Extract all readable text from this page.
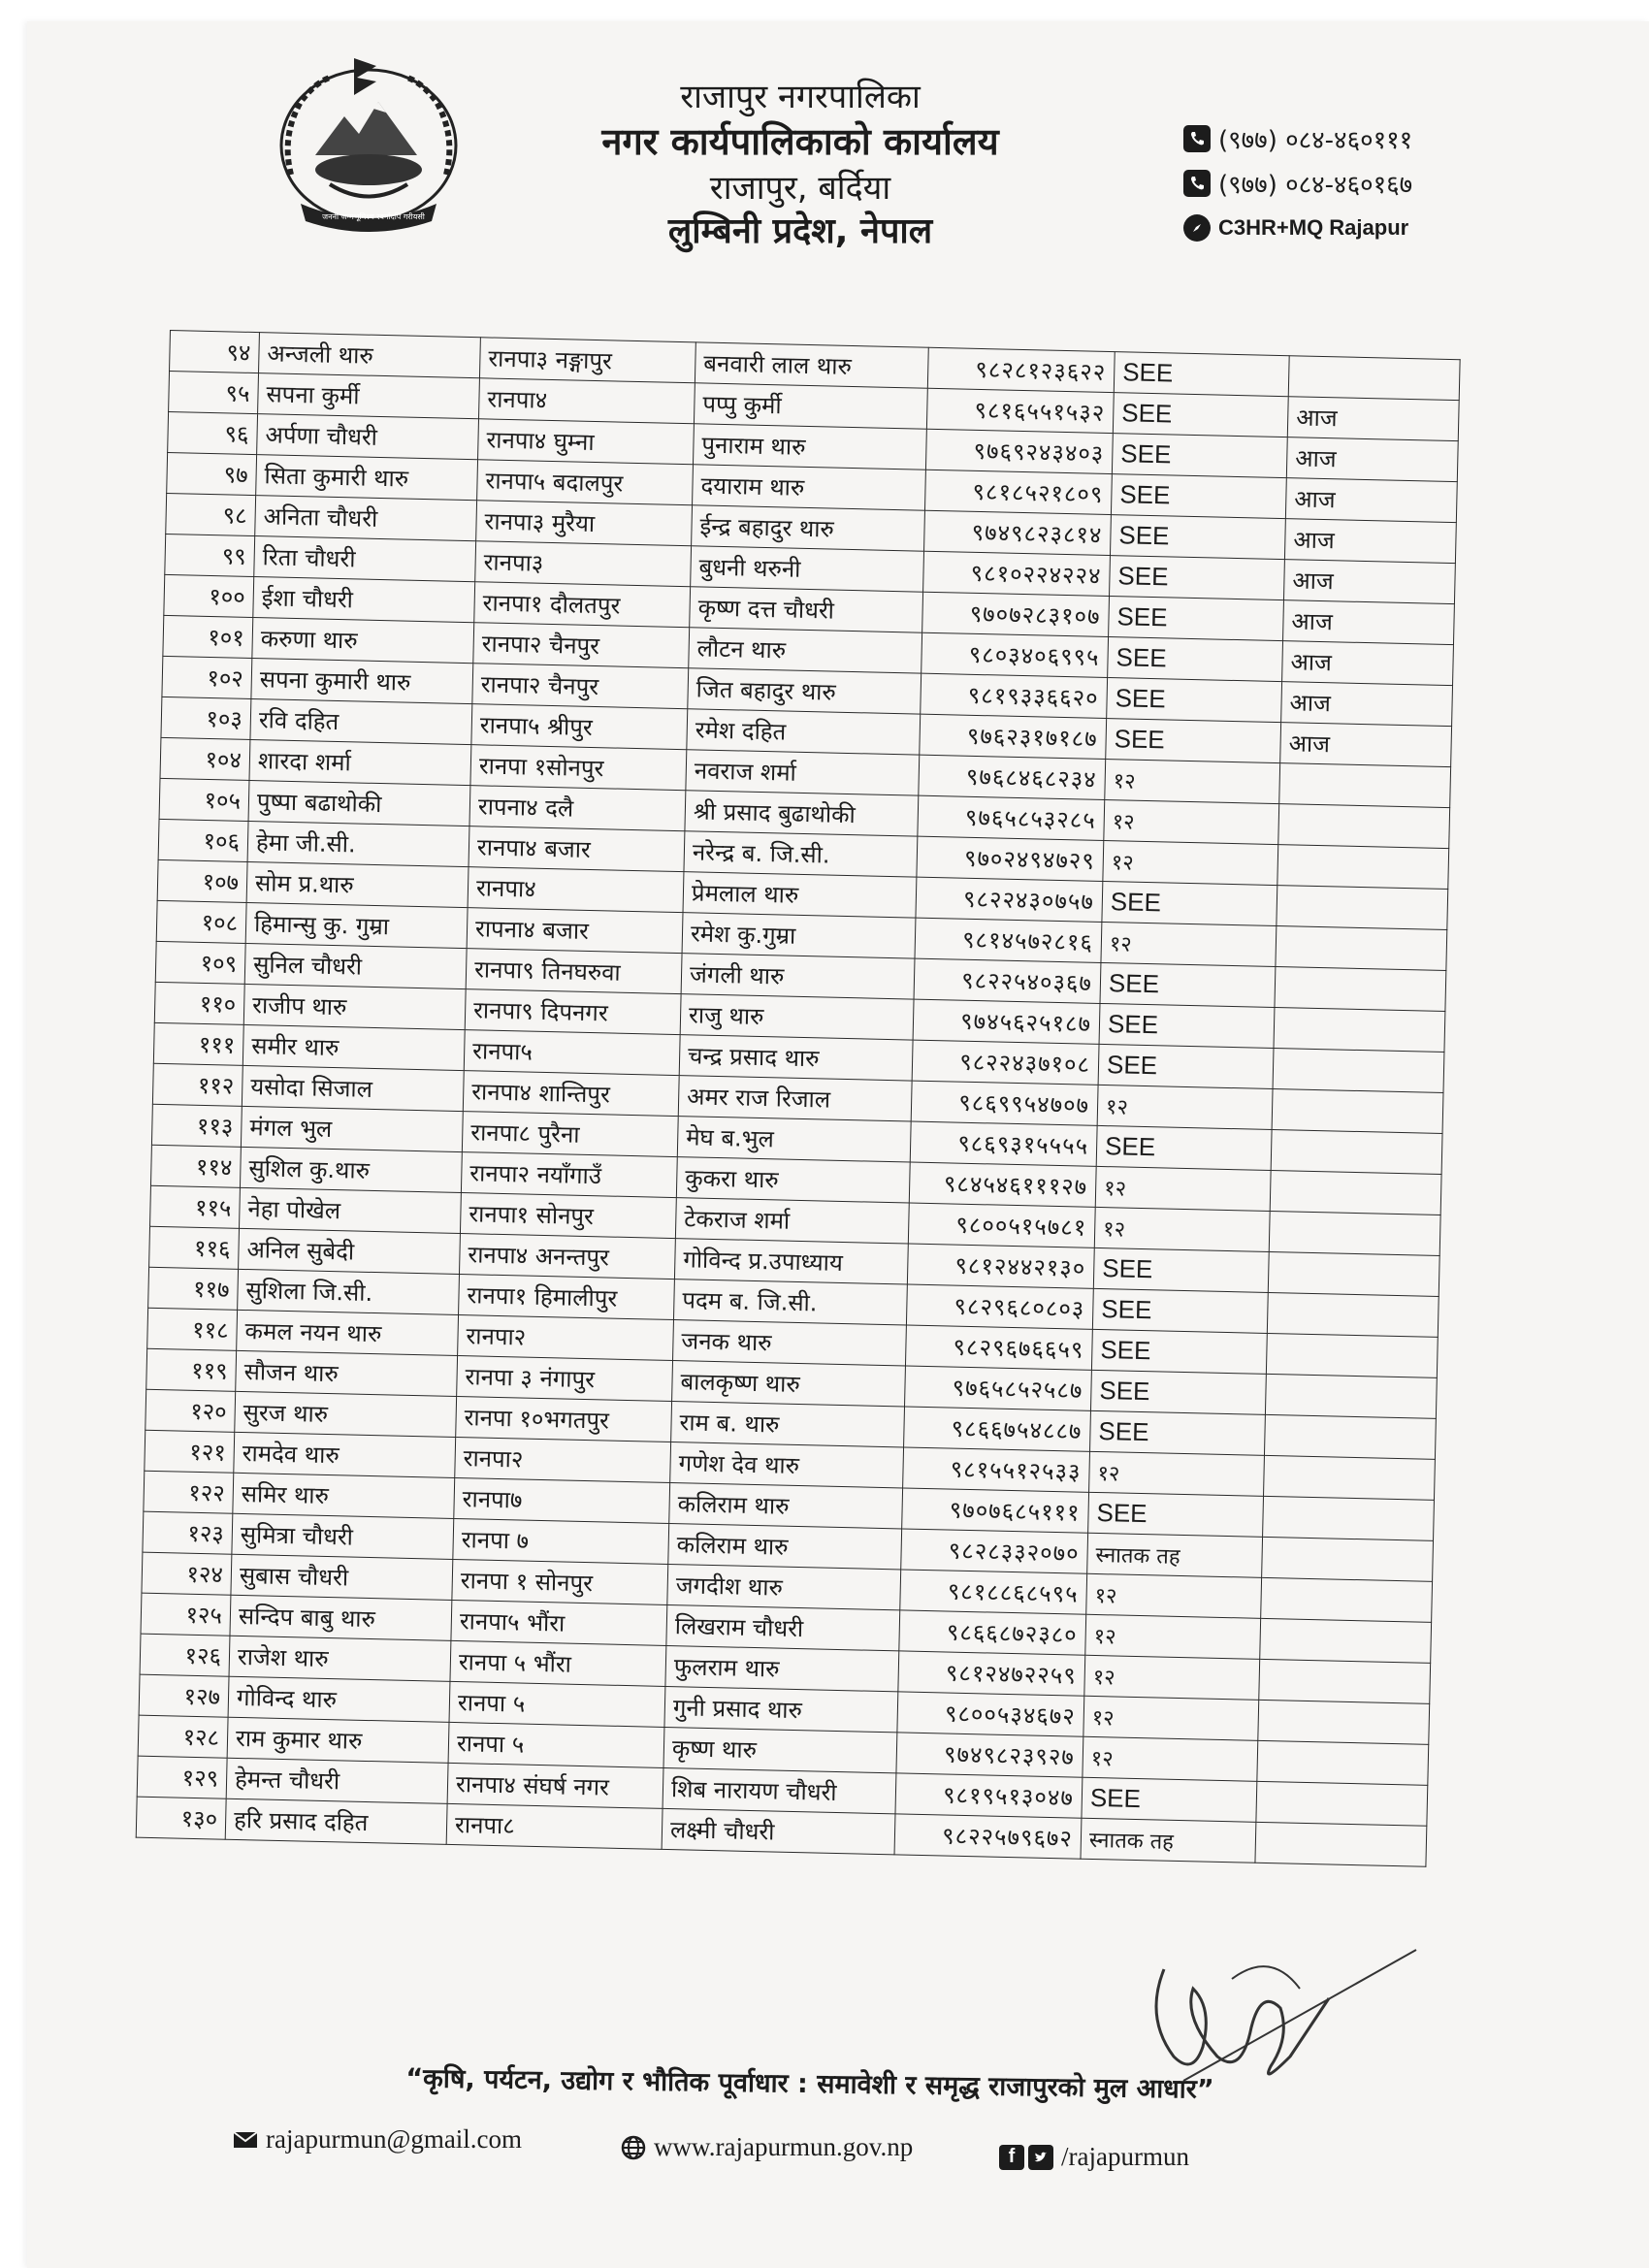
जननी जन्मभूमिश्च स्वर्गादपि गरीयसी
राजापुर नगरपालिका
नगर कार्यपालिकाको कार्यालय
राजापुर, बर्दिया
लुम्बिनी प्रदेश, नेपाल
(९७७) ०८४-४६०१११
(९७७) ०८४-४६०१६७
C3HR+MQ Rajapur
९४	अन्जली थारु	रानपा३ नङ्गापुर	बनवारी लाल थारु	९८२८१२३६२२	SEE	
९५	सपना कुर्मी	रानपा४	पप्पु कुर्मी	९८१६५५१५३२	SEE	आज
९६	अर्पणा चौधरी	रानपा४ घुम्ना	पुनाराम थारु	९७६९२४३४०३	SEE	आज
९७	सिता कुमारी थारु	रानपा५ बदालपुर	दयाराम थारु	९८१८५२१८०९	SEE	आज
९८	अनिता चौधरी	रानपा३ मुरैया	ईन्द्र बहादुर थारु	९७४९८२३८१४	SEE	आज
९९	रिता चौधरी	रानपा३	बुधनी थरुनी	९८१०२२४२२४	SEE	आज
१००	ईशा चौधरी	रानपा१ दौलतपुर	कृष्ण दत्त चौधरी	९७०७२८३१०७	SEE	आज
१०१	करुणा थारु	रानपा२ चैनपुर	लौटन थारु	९८०३४०६९९५	SEE	आज
१०२	सपना कुमारी थारु	रानपा२ चैनपुर	जित बहादुर थारु	९८१९३३६६२०	SEE	आज
१०३	रवि दहित	रानपा५ श्रीपुर	रमेश दहित	९७६२३१७१८७	SEE	आज
१०४	शारदा शर्मा	रानपा १सोनपुर	नवराज शर्मा	९७६८४६८२३४	१२	
१०५	पुष्पा बढाथोकी	रापना४ दलै	श्री प्रसाद बुढाथोकी	९७६५८५३२८५	१२	
१०६	हेमा जी.सी.	रानपा४ बजार	नरेन्द्र ब. जि.सी.	९७०२४९४७२९	१२	
१०७	सोम प्र.थारु	रानपा४	प्रेमलाल थारु	९८२२४३०७५७	SEE	
१०८	हिमान्सु कु. गुम्रा	रापना४ बजार	रमेश कु.गुम्रा	९८१४५७२८१६	१२	
१०९	सुनिल चौधरी	रानपा९ तिनघरुवा	जंगली थारु	९८२२५४०३६७	SEE	
११०	राजीप थारु	रानपा९ दिपनगर	राजु थारु	९७४५६२५१८७	SEE	
१११	समीर थारु	रानपा५	चन्द्र प्रसाद थारु	९८२२४३७१०८	SEE	
११२	यसोदा सिजाल	रानपा४ शान्तिपुर	अमर राज रिजाल	९८६९९५४७०७	१२	
११३	मंगल भुल	रानपा८ पुरैना	मेघ ब.भुल	९८६९३१५५५५	SEE	
११४	सुशिल कु.थारु	रानपा२ नयाँगाउँ	कुकरा थारु	९८४५४६१११२७	१२	
११५	नेहा पोखेल	रानपा१ सोनपुर	टेकराज शर्मा	९८००५१५७८१	१२	
११६	अनिल सुबेदी	रानपा४ अनन्तपुर	गोविन्द प्र.उपाध्याय	९८१२४४२१३०	SEE	
११७	सुशिला जि.सी.	रानपा१ हिमालीपुर	पदम ब. जि.सी.	९८२९६८०८०३	SEE	
११८	कमल नयन थारु	रानपा२	जनक थारु	९८२९६७६६५९	SEE	
११९	सौजन थारु	रानपा ३ नंगापुर	बालकृष्ण थारु	९७६५८५२५८७	SEE	
१२०	सुरज थारु	रानपा १०भगतपुर	राम ब. थारु	९८६६७५४८८७	SEE	
१२१	रामदेव थारु	रानपा२	गणेश देव थारु	९८१५५१२५३३	१२	
१२२	समिर थारु	रानपा७	कलिराम थारु	९७०७६८५१११	SEE	
१२३	सुमित्रा चौधरी	रानपा ७	कलिराम थारु	९८२८३३२०७०	स्नातक तह	
१२४	सुबास चौधरी	रानपा १ सोनपुर	जगदीश थारु	९८१८८६८५९५	१२	
१२५	सन्दिप बाबु थारु	रानपा५ भौंरा	लिखराम चौधरी	९८६६८७२३८०	१२	
१२६	राजेश थारु	रानपा ५ भौंरा	फुलराम थारु	९८१२४७२२५९	१२	
१२७	गोविन्द थारु	रानपा ५	गुनी प्रसाद थारु	९८००५३४६७२	१२	
१२८	राम कुमार थारु	रानपा ५	कृष्ण थारु	९७४९८२३९२७	१२	
१२९	हेमन्त चौधरी	रानपा४ संघर्ष नगर	शिब नारायण चौधरी	९८१९५१३०४७	SEE	
१३०	हरि प्रसाद दहित	रानपा८	लक्ष्मी चौधरी	९८२२५७९६७२	स्नातक तह	
“कृषि, पर्यटन, उद्योग र भौतिक पूर्वाधार : समावेशी र समृद्ध राजापुरको मुल आधार”
rajapurmun@gmail.com	www.rajapurmun.gov.np	f	/rajapurmun
